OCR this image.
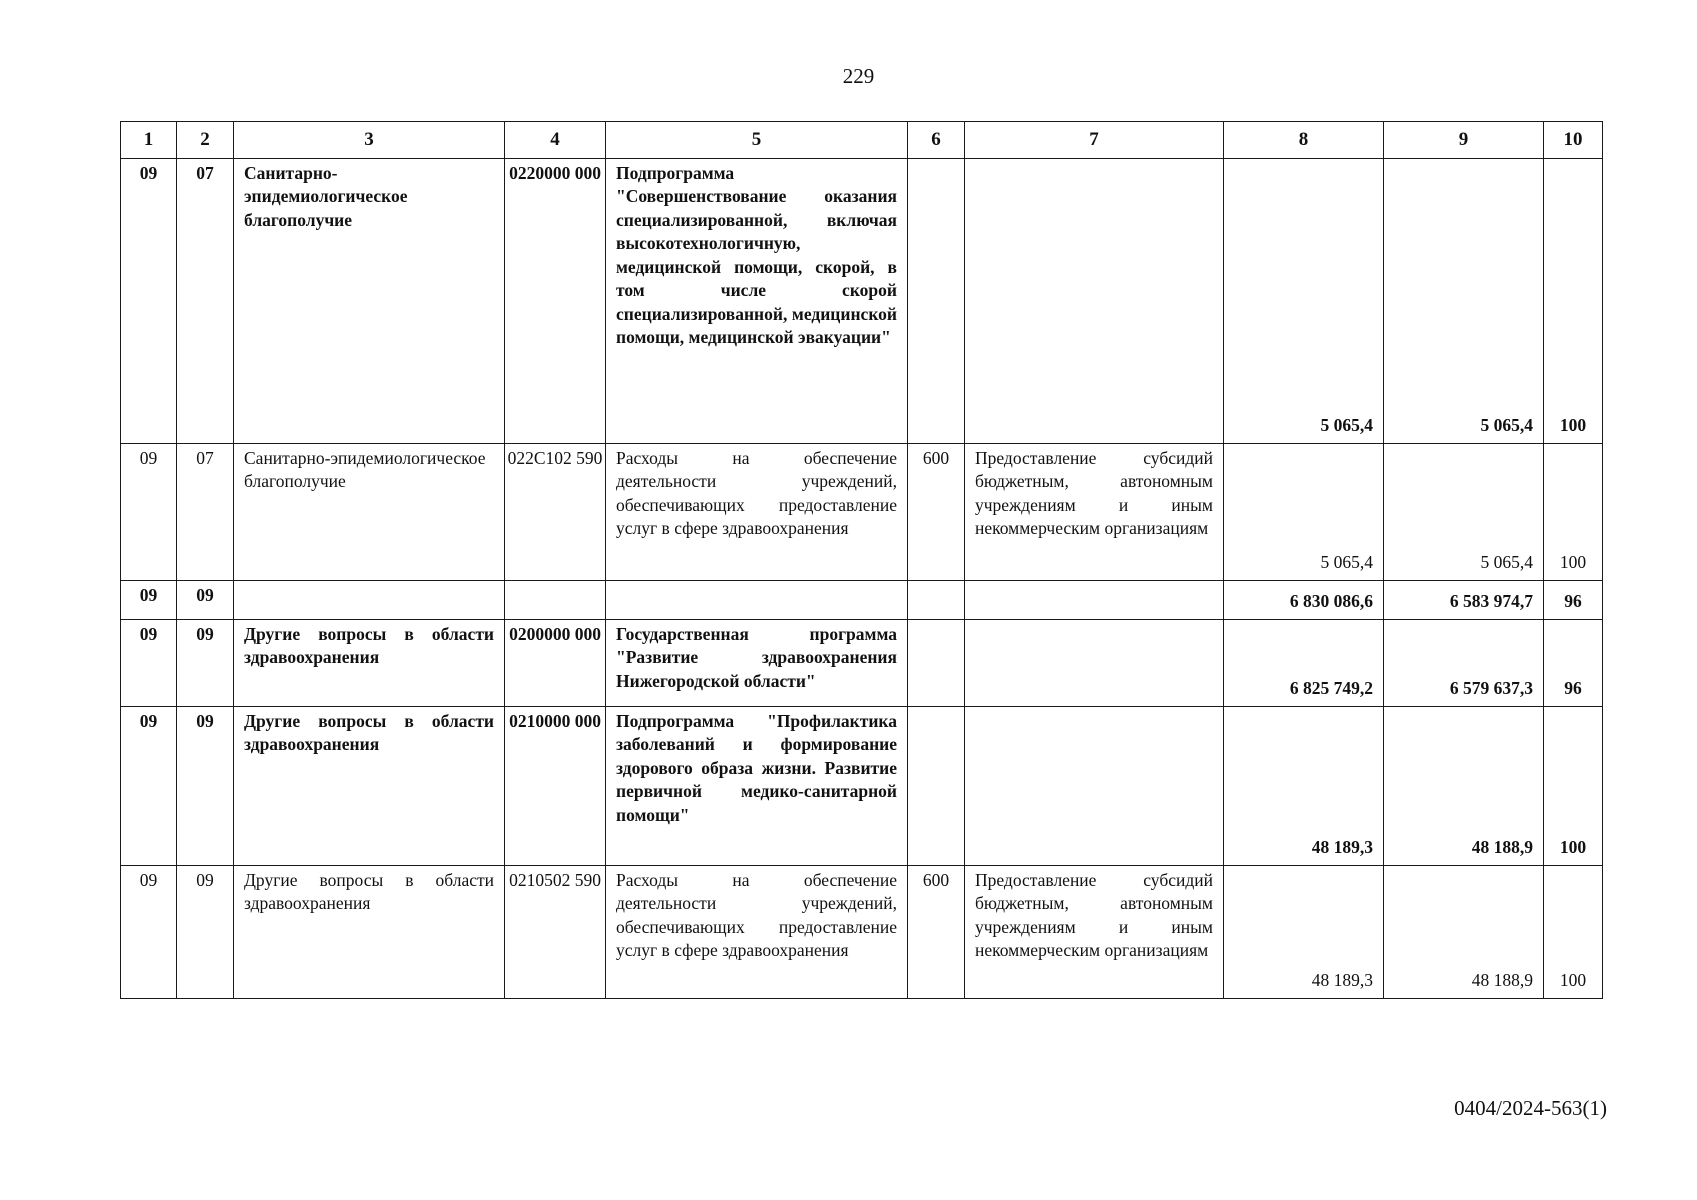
229
1	2	3	4	5	6	7	8	9	10
09	07	Санитарно-эпидемиологическое благополучие	0220000 000	Подпрограмма "Совершенствование оказания специализированной, включая высокотехнологичную, медицинской помощи, скорой, в том числе скорой специализированной, медицинской помощи, медицинской эвакуации"			5 065,4	5 065,4	100
09	07	Санитарно-эпидемиологическое благополучие	022С102 590	Расходы на обеспечение деятельности учреждений, обеспечивающих предоставление услуг в сфере здравоохранения	600	Предоставление субсидий бюджетным, автономным учреждениям и иным некоммерческим организациям	5 065,4	5 065,4	100
09	09						6 830 086,6	6 583 974,7	96
09	09	Другие вопросы в области здравоохранения	0200000 000	Государственная программа "Развитие здравоохранения Нижегородской области"			6 825 749,2	6 579 637,3	96
09	09	Другие вопросы в области здравоохранения	0210000 000	Подпрограмма "Профилактика заболеваний и формирование здорового образа жизни. Развитие первичной медико-санитарной помощи"			48 189,3	48 188,9	100
09	09	Другие вопросы в области здравоохранения	0210502 590	Расходы на обеспечение деятельности учреждений, обеспечивающих предоставление услуг в сфере здравоохранения	600	Предоставление субсидий бюджетным, автономным учреждениям и иным некоммерческим организациям	48 189,3	48 188,9	100
0404/2024-563(1)
